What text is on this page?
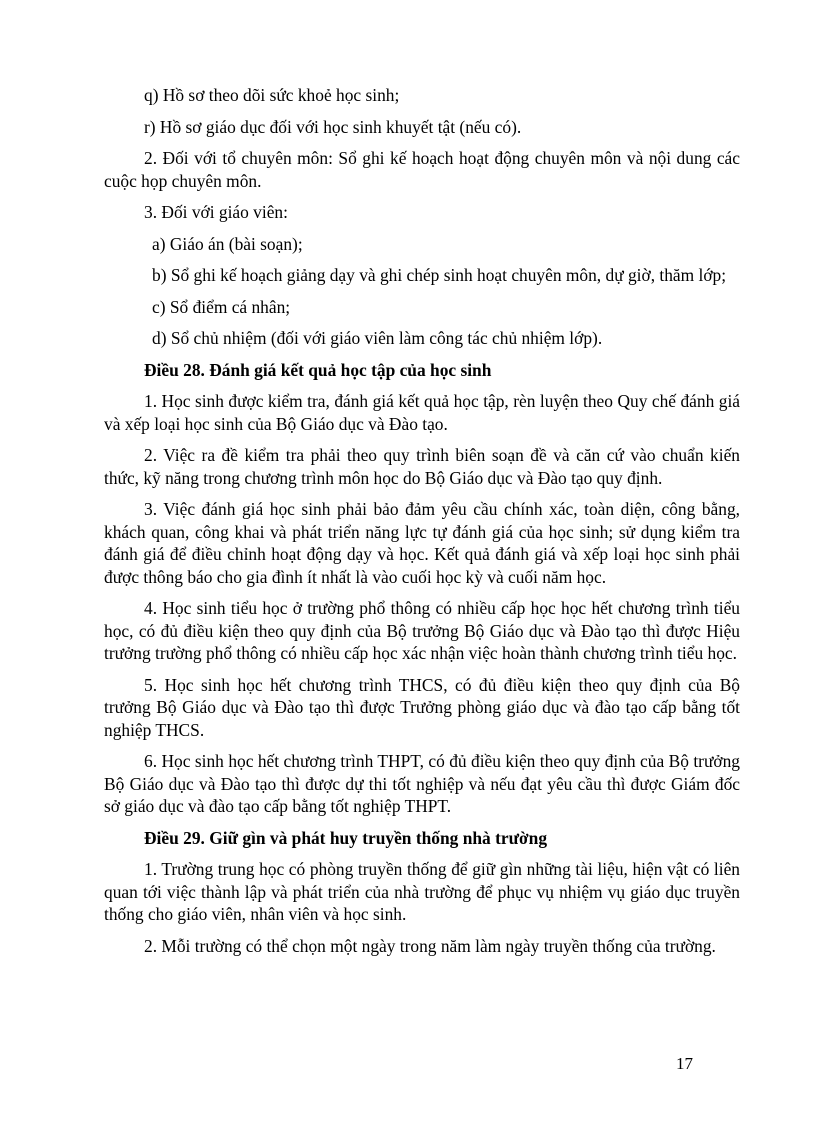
q) Hồ sơ theo dõi sức khoẻ học sinh;

r) Hồ sơ giáo dục đối với học sinh khuyết tật (nếu có).

2. Đối với tổ chuyên môn: Sổ ghi kế hoạch hoạt động chuyên môn và nội dung các cuộc họp chuyên môn.

3. Đối với giáo viên:

a) Giáo án (bài soạn);

b) Sổ ghi kế hoạch giảng dạy và ghi chép sinh hoạt chuyên môn, dự giờ, thăm lớp;

c) Sổ điểm cá nhân;

d) Sổ chủ nhiệm (đối với giáo viên làm công tác chủ nhiệm lớp).

Điều 28. Đánh giá kết quả học tập của học sinh

1. Học sinh được kiểm tra, đánh giá kết quả học tập, rèn luyện theo Quy chế đánh giá và xếp loại học sinh của Bộ Giáo dục và Đào tạo.

2. Việc ra đề kiểm tra phải theo quy trình biên soạn đề và căn cứ vào chuẩn kiến thức, kỹ năng trong chương trình môn học do Bộ Giáo dục và Đào tạo quy định.

3. Việc đánh giá học sinh phải bảo đảm yêu cầu chính xác, toàn diện, công bằng, khách quan, công khai và phát triển năng lực tự đánh giá của học sinh; sử dụng kiểm tra đánh giá để điều chỉnh hoạt động dạy và học. Kết quả đánh giá và xếp loại học sinh phải được thông báo cho gia đình ít nhất là vào cuối học kỳ và cuối năm học.

4. Học sinh tiểu học ở trường phổ thông có nhiều cấp học học hết chương trình tiểu học, có đủ điều kiện theo quy định của Bộ trưởng Bộ Giáo dục và Đào tạo thì được Hiệu trưởng trường phổ thông có nhiều cấp học xác nhận việc hoàn thành chương trình tiểu học.

5. Học sinh học hết chương trình THCS, có đủ điều kiện theo quy định của Bộ trưởng Bộ Giáo dục và Đào tạo thì được Trưởng phòng giáo dục và đào tạo cấp bằng tốt nghiệp THCS.

6. Học sinh học hết chương trình THPT, có đủ điều kiện theo quy định của Bộ trưởng Bộ Giáo dục và Đào tạo thì được dự thi tốt nghiệp và nếu đạt yêu cầu thì được Giám đốc sở giáo dục và đào tạo cấp bằng tốt nghiệp THPT.

Điều 29. Giữ gìn và phát huy truyền thống nhà trường

1. Trường trung học có phòng truyền thống để giữ gìn những tài liệu, hiện vật có liên quan tới việc thành lập và phát triển của nhà trường để phục vụ nhiệm vụ giáo dục truyền thống cho giáo viên, nhân viên và học sinh.

2. Mỗi trường có thể chọn một ngày trong năm làm ngày truyền thống của trường.

17
